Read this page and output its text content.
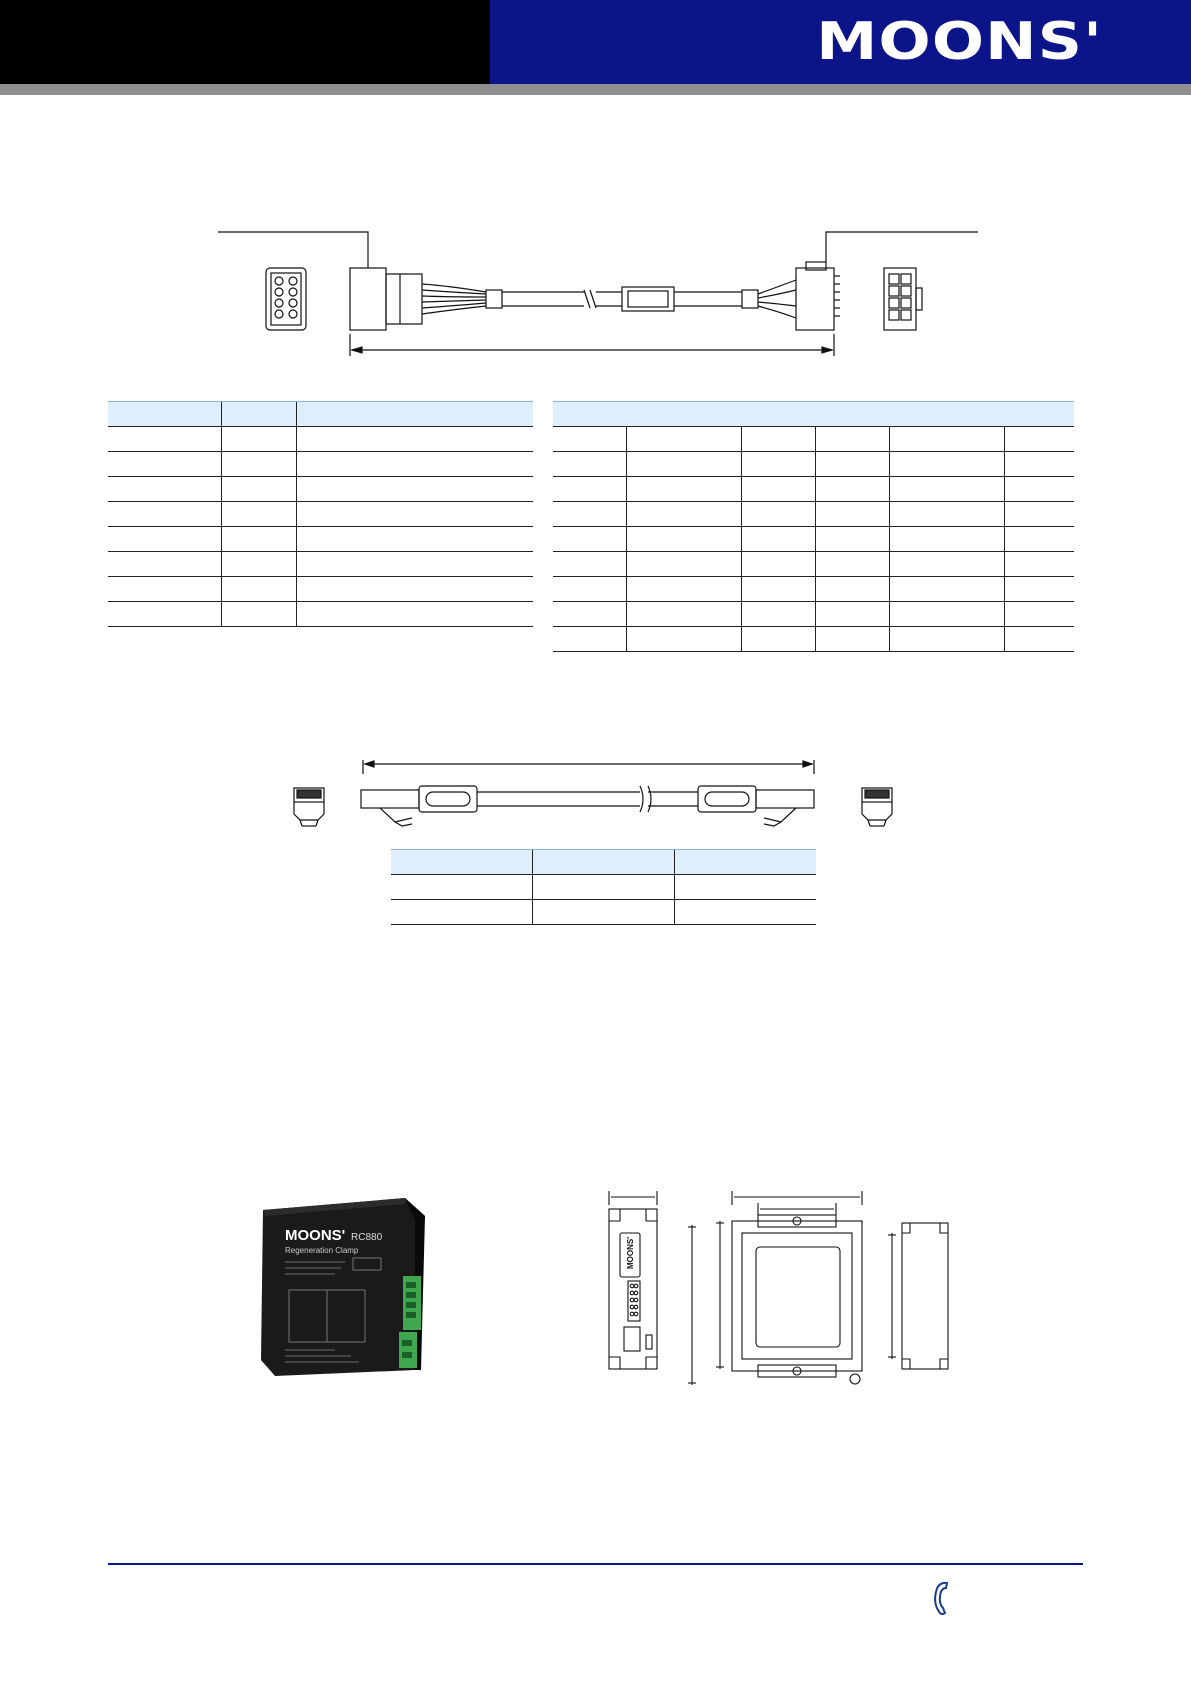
MOONS'

MOONS' RC880
Regeneration Clamp	MOONS'
